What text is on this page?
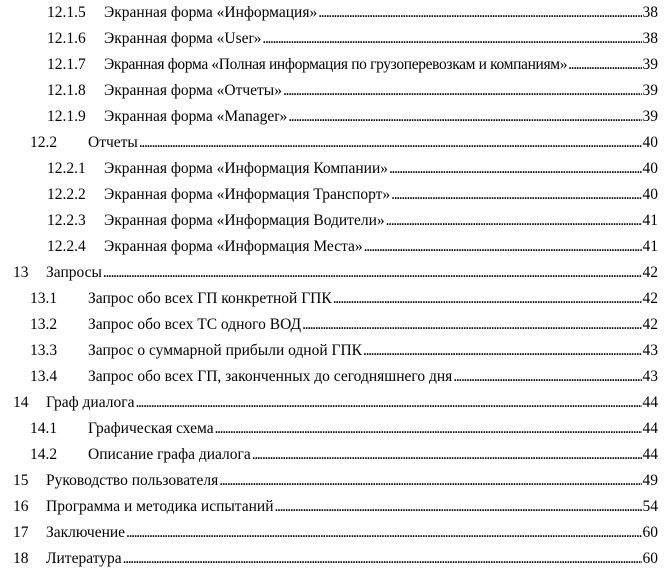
12.1.5 Экранная форма «Информация» . . .	38
12.1.6 Экранная форма «User» . . .	38
12.1.7 Экранная форма «Полная информация по грузоперевозкам и компаниям» . . .	39
12.1.8 Экранная форма «Отчеты» . . .	39
12.1.9 Экранная форма «Manager» . . .	39
12.2 Отчеты . . .	40
12.2.1 Экранная форма «Информация Компании» . . .	40
12.2.2 Экранная форма «Информация Транспорт» . . .	40
12.2.3 Экранная форма «Информация Водители» . . .	41
12.2.4 Экранная форма «Информация Места» . . .	41
13 Запросы . . .	42
13.1 Запрос обо всех ГП конкретной ГПК . . .	42
13.2 Запрос обо всех ТС одного ВОД . . .	42
13.3 Запрос о суммарной прибыли одной ГПК . . .	43
13.4 Запрос обо всех ГП, законченных до сегодняшнего дня . . .	43
14 Граф диалога . . .	44
14.1 Графическая схема . . .	44
14.2 Описание графа диалога . . .	44
15 Руководство пользователя . . .	49
16 Программа и методика испытаний . . .	54
17 Заключение . . .	60
18 Литература . . .	60
